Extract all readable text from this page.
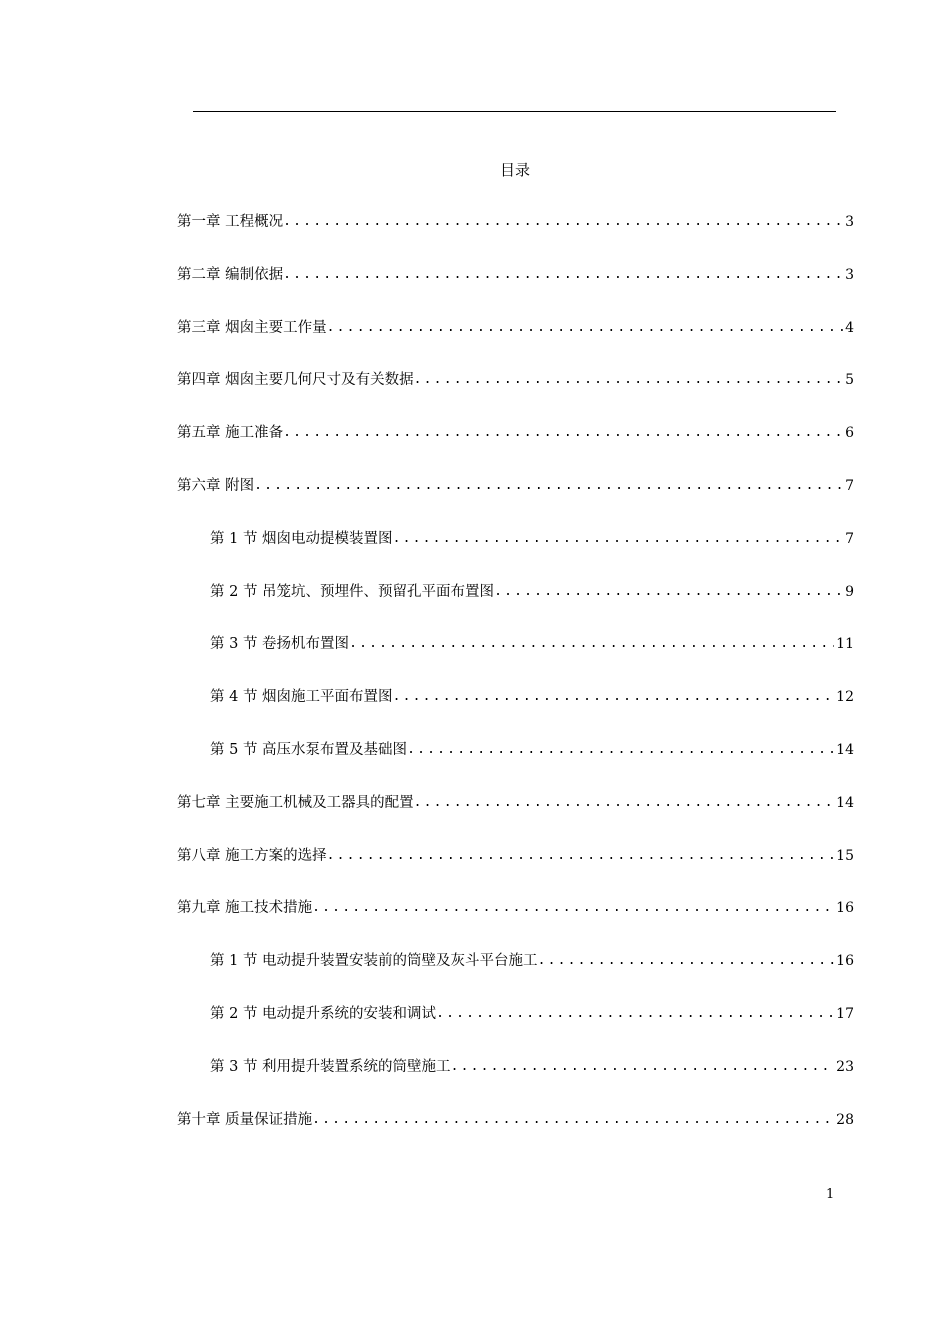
目录
第一章 工程概况 .....	3
第二章 编制依据 .....	3
第三章 烟囱主要工作量 .....	4
第四章 烟囱主要几何尺寸及有关数据 .....	5
第五章 施工准备 .....	6
第六章 附图 .....	7
第 1 节 烟囱电动提模装置图 .....	7
第 2 节 吊笼坑、预埋件、预留孔平面布置图 .....	9
第 3 节 卷扬机布置图 .....	11
第 4 节 烟囱施工平面布置图 .....	12
第 5 节 高压水泵布置及基础图 .....	14
第七章 主要施工机械及工器具的配置 .....	14
第八章 施工方案的选择 .....	15
第九章 施工技术措施 .....	16
第 1 节 电动提升装置安装前的筒壁及灰斗平台施工 .....	16
第 2 节 电动提升系统的安装和调试 .....	17
第 3 节 利用提升装置系统的筒壁施工 .....	23
第十章 质量保证措施 .....	28
1
